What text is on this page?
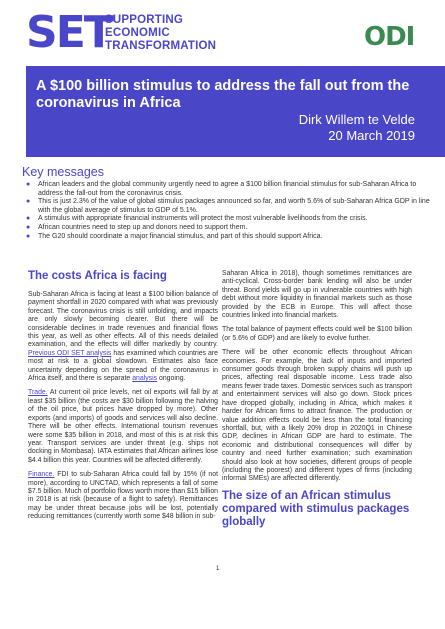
SET
SUPPORTING
ECONOMIC
TRANSFORMATION	ODI
A $100 billion stimulus to address the fall out from the coronavirus in Africa
Dirk Willem te Velde
20 March 2019
Key messages
● African leaders and the global community urgently need to agree a $100 billion financial stimulus for sub-Saharan Africa to address the fall-out from the coronavirus crisis.
● This is just 2.3% of the value of global stimulus packages announced so far, and worth 5.6% of sub-Saharan Africa GDP in line with the global average of stimulus to GDP of 5.1%.
● A stimulus with appropriate financial instruments will protect the most vulnerable livelihoods from the crisis.
● African countries need to step up and donors need to support them.
● The G20 should coordinate a major financial stimulus, and part of this should support Africa.
The costs Africa is facing

Sub-Saharan Africa is facing at least a $100 billion balance of payment shortfall in 2020 compared with what was previously forecast. The coronavirus crisis is still unfolding, and impacts are only slowly becoming clearer. But there will be considerable declines in trade revenues and financial flows this year, as well as other effects. All of this needs detailed examination, and the effects will differ markedly by country. Previous ODI SET analysis has examined which countries are most at risk to a global slowdown. Estimates also face uncertainty depending on the spread of the coronavirus in Africa itself, and there is separate analysis ongoing.

Trade. At current oil price levels, net oil exports will fall by at least $35 billion (the costs are $30 billion following the halving of the oil price, but prices have dropped by more). Other exports (and imports) of goods and services will also decline. There will be other effects. International tourism revenues were some $35 billion in 2018, and most of this is at risk this year. Transport services are under threat (e.g. ships not docking in Mombasa). IATA estimates that African airlines lose $4.4 billion this year. Countries will be affected differently.

Finance. FDI to sub-Saharan Africa could fall by 15% (if not more), according to UNCTAD, which represents a fall of some $7.5 billion. Much of portfolio flows worth more than $15 billion in 2018 is at risk (because of a flight to safety). Remittances may be under threat because jobs will be lost, potentially reducing remittances (currently worth some $48 billion in sub-

Saharan Africa in 2018), though sometimes remittances are anti-cyclical. Cross-border bank lending will also be under threat. Bond yields will go up in vulnerable countries with high debt without more liquidity in financial markets such as those provided by the ECB in Europe. This will affect those countries linked into financial markets.

The total balance of payment effects could well be $100 billion (or 5.6% of GDP) and are likely to evolve further.

There will be other economic effects throughout African economies. For example, the lack of inputs and imported consumer goods through broken supply chains will push up prices, affecting real disposable income. Less trade also means fewer trade taxes. Domestic services such as transport and entertainment services will also go down. Stock prices have dropped globally, including in Africa, which makes it harder for African firms to attract finance. The production or value addition effects could be less than the total financing shortfall, but, with a likely 20% drop in 2020Q1 in Chinese GDP, declines in African GDP are hard to estimate. The economic and distributional consequences will differ by country and need further examination; such examination should also look at how societies, different groups of people (including the poorest) and different types of firms (including informal SMEs) are affected differently.

The size of an African stimulus compared with stimulus packages globally
1
